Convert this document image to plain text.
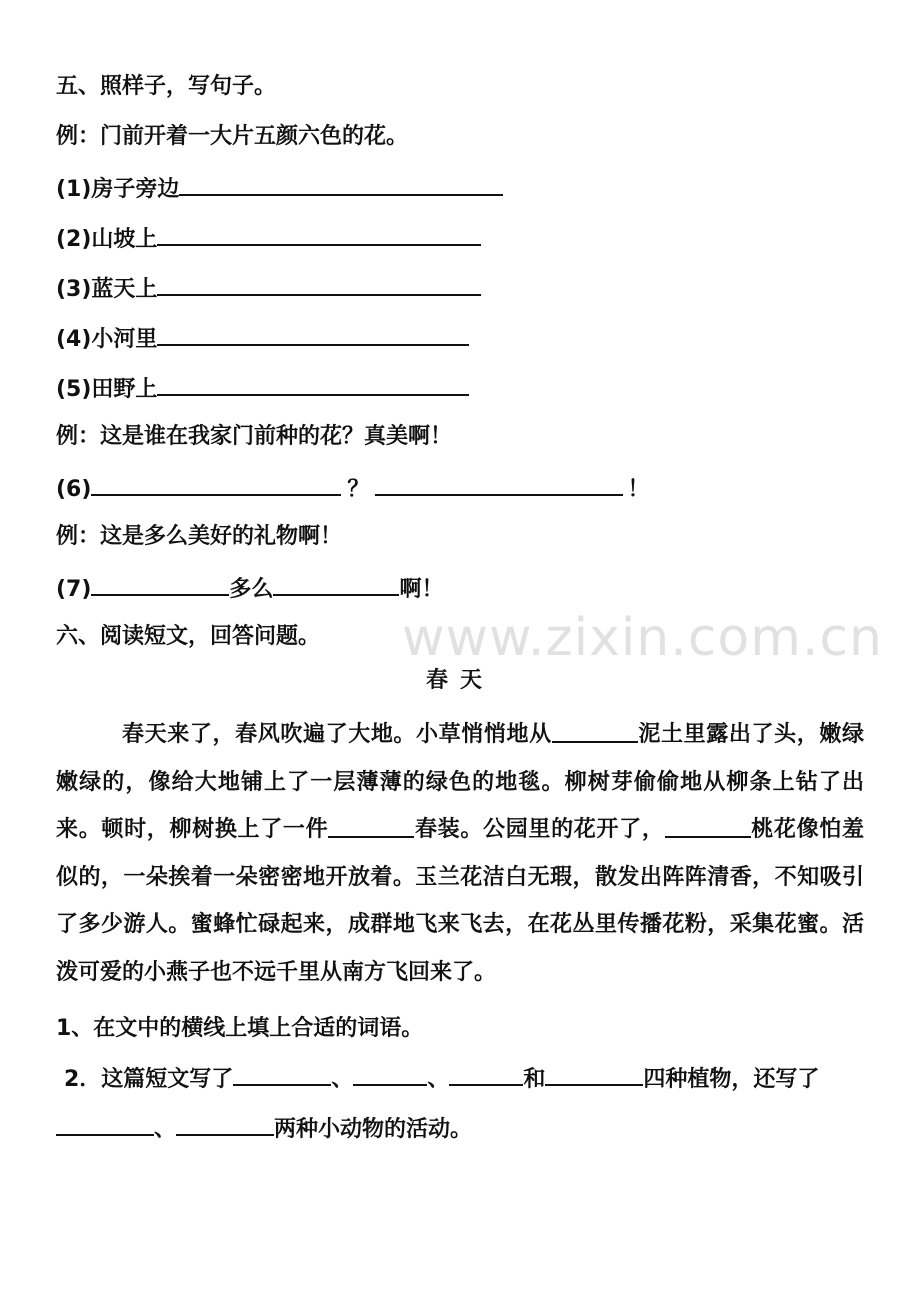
五、照样子，写句子。
例：门前开着一大片五颜六色的花。
(1)房子旁边
(2)山坡上
(3)蓝天上
(4)小河里
(5)田野上
例：这是谁在我家门前种的花？真美啊！
(6)	？	！
例：这是多么美好的礼物啊！
(7)	多么	啊！
六、阅读短文，回答问题。 www.zixin.com.cn
春天
春天来了，春风吹遍了大地。小草悄悄地从	泥土里露出了头，嫩绿嫩绿的，像给大地铺上了一层薄薄的绿色的地毯。柳树芽偷偷地从柳条上钻了出来。顿时，柳树换上了一件	春装。公园里的花开了，	桃花像怕羞似的，一朵挨着一朵密密地开放着。玉兰花洁白无瑕，散发出阵阵清香，不知吸引了多少游人。蜜蜂忙碌起来，成群地飞来飞去，在花丛里传播花粉，采集花蜜。活泼可爱的小燕子也不远千里从南方飞回来了。
1、在文中的横线上填上合适的词语。
2．这篇短文写了	、	、	和	四种植物，还写了
、	两种小动物的活动。
